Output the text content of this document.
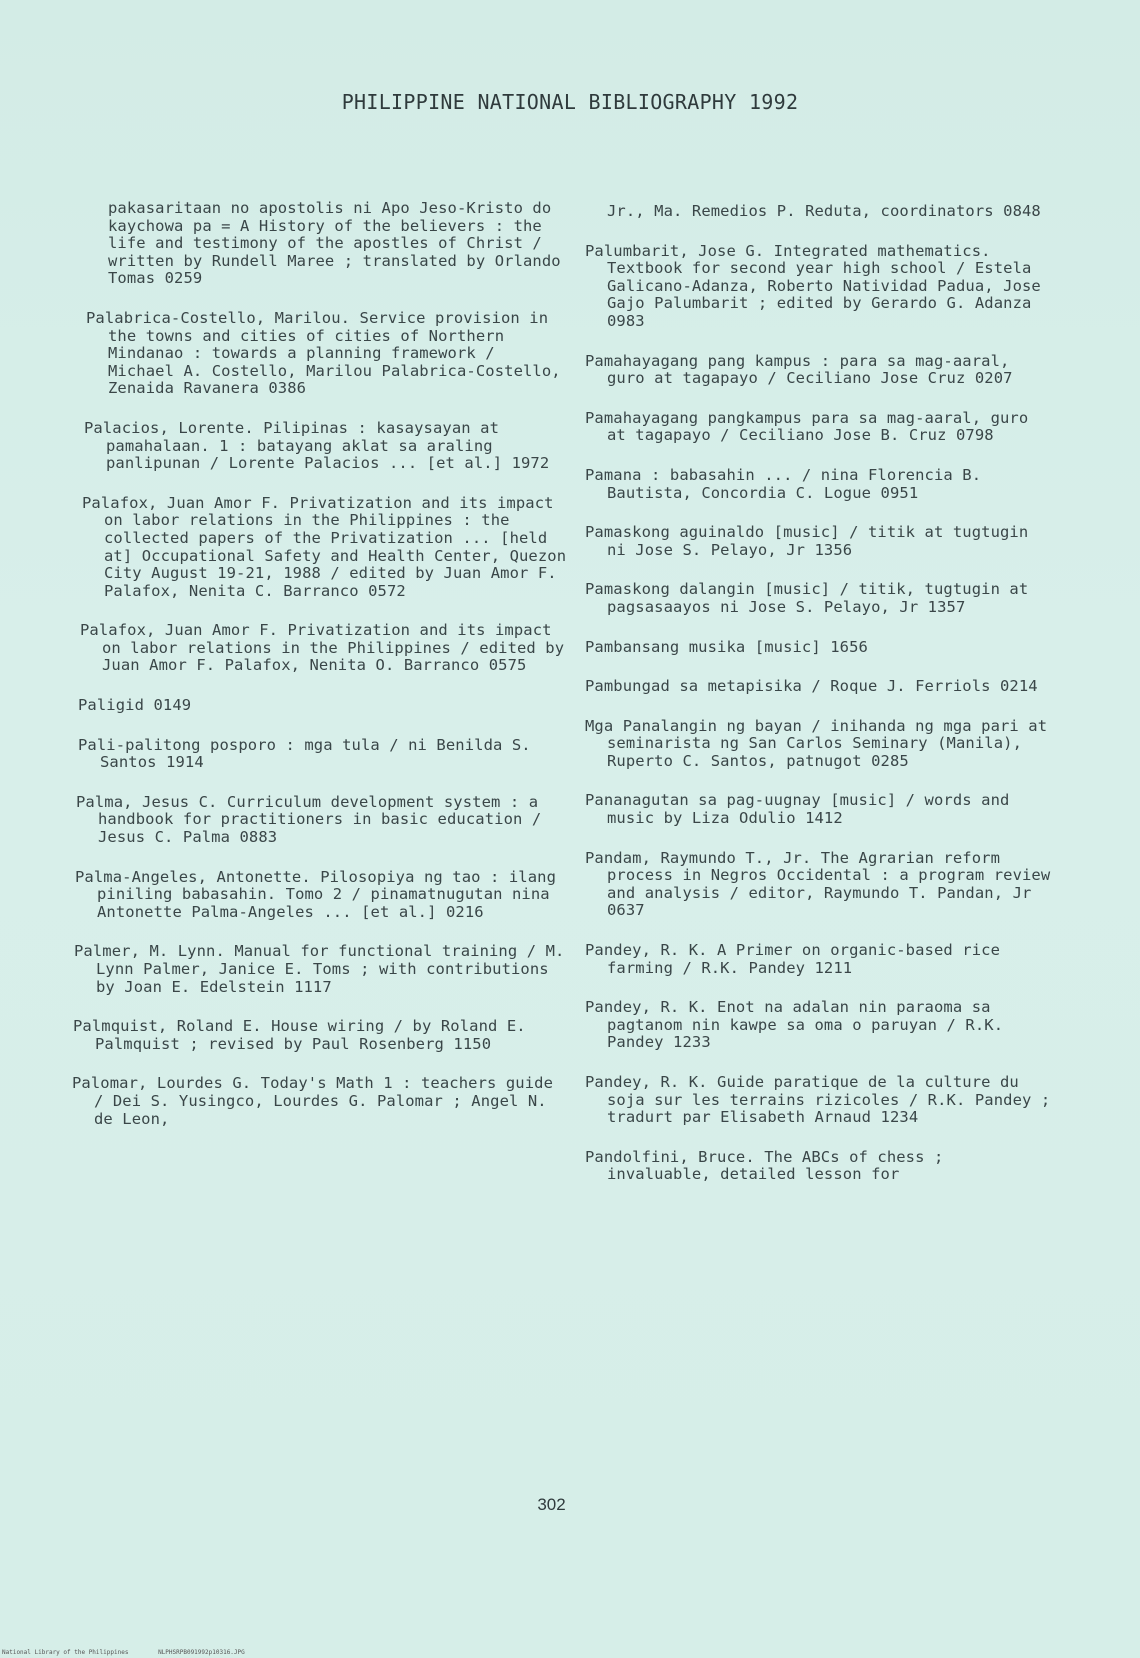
PHILIPPINE NATIONAL BIBLIOGRAPHY 1992

pakasaritaan no apostolis ni Apo Jeso-Kristo do kaychowa pa = A History of the believers : the life and testimony of the apostles of Christ / written by Rundell Maree ; translated by Orlando Tomas 0259

Palabrica-Costello, Marilou. Service provision in the towns and cities of cities of Northern Mindanao : towards a planning framework / Michael A. Costello, Marilou Palabrica-Costello, Zenaida Ravanera 0386

Palacios, Lorente. Pilipinas : kasaysayan at pamahalaan. 1 : batayang aklat sa araling panlipunan / Lorente Palacios ... [et al.] 1972

Palafox, Juan Amor F. Privatization and its impact on labor relations in the Philippines : the collected papers of the Privatization ... [held at] Occupational Safety and Health Center, Quezon City August 19-21, 1988 / edited by Juan Amor F. Palafox, Nenita C. Barranco 0572

Palafox, Juan Amor F. Privatization and its impact on labor relations in the Philippines / edited by Juan Amor F. Palafox, Nenita O. Barranco 0575

Paligid 0149

Pali-palitong posporo : mga tula / ni Benilda S. Santos 1914

Palma, Jesus C. Curriculum development system : a handbook for practitioners in basic education / Jesus C. Palma 0883

Palma-Angeles, Antonette. Pilosopiya ng tao : ilang piniling babasahin. Tomo 2 / pinamatnugutan nina Antonette Palma-Angeles ... [et al.] 0216

Palmer, M. Lynn. Manual for functional training / M. Lynn Palmer, Janice E. Toms ; with contributions by Joan E. Edelstein 1117

Palmquist, Roland E. House wiring / by Roland E. Palmquist ; revised by Paul Rosenberg 1150

Palomar, Lourdes G. Today's Math 1 : teachers guide / Dei S. Yusingco, Lourdes G. Palomar ; Angel N. de Leon,

Jr., Ma. Remedios P. Reduta, coordinators 0848

Palumbarit, Jose G. Integrated mathematics. Textbook for second year high school / Estela Galicano-Adanza, Roberto Natividad Padua, Jose Gajo Palumbarit ; edited by Gerardo G. Adanza 0983

Pamahayagang pang kampus : para sa mag-aaral, guro at tagapayo / Ceciliano Jose Cruz 0207

Pamahayagang pangkampus para sa mag-aaral, guro at tagapayo / Ceciliano Jose B. Cruz 0798

Pamana : babasahin ... / nina Florencia B. Bautista, Concordia C. Logue 0951

Pamaskong aguinaldo [music] / titik at tugtugin ni Jose S. Pelayo, Jr 1356

Pamaskong dalangin [music] / titik, tugtugin at pagsasaayos ni Jose S. Pelayo, Jr 1357

Pambansang musika [music] 1656

Pambungad sa metapisika / Roque J. Ferriols 0214

Mga Panalangin ng bayan / inihanda ng mga pari at seminarista ng San Carlos Seminary (Manila), Ruperto C. Santos, patnugot 0285

Pananagutan sa pag-uugnay [music] / words and music by Liza Odulio 1412

Pandam, Raymundo T., Jr. The Agrarian reform process in Negros Occidental : a program review and analysis / editor, Raymundo T. Pandan, Jr 0637

Pandey, R. K. A Primer on organic-based rice farming / R.K. Pandey 1211

Pandey, R. K. Enot na adalan nin paraoma sa pagtanom nin kawpe sa oma o paruyan / R.K. Pandey 1233

Pandey, R. K. Guide paratique de la culture du soja sur les terrains rizicoles / R.K. Pandey ; tradurt par Elisabeth Arnaud 1234

Pandolfini, Bruce. The ABCs of chess ; invaluable, detailed lesson for

302
National Library of the Philippines	NLPHSRPB091992p10316.JPG
